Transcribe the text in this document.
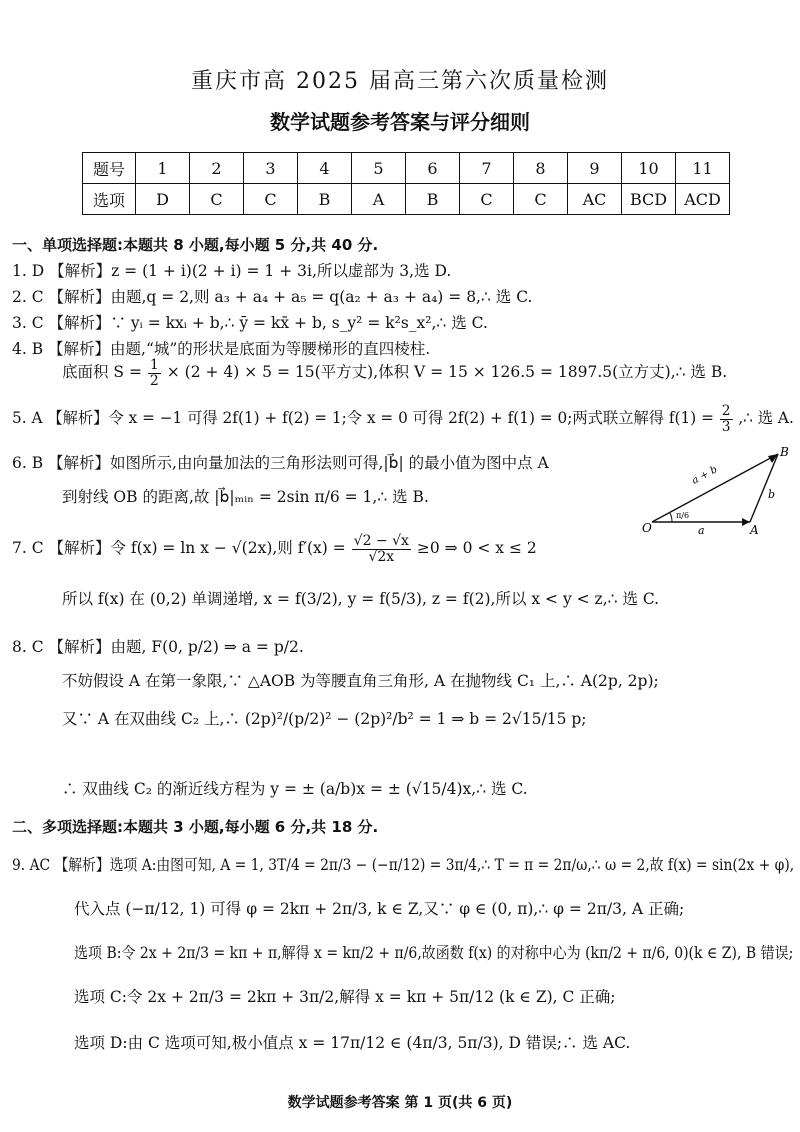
重庆市高 2025 届高三第六次质量检测
数学试题参考答案与评分细则
题号	1	2	3	4	5	6	7	8	9	10	11
选项	D	C	C	B	A	B	C	C	AC	BCD	ACD
一、单项选择题:本题共 8 小题,每小题 5 分,共 40 分.
1. D 【解析】z = (1 + i)(2 + i) = 1 + 3i,所以虚部为 3,选 D.
2. C 【解析】由题,q = 2,则 a₃ + a₄ + a₅ = q(a₂ + a₃ + a₄) = 8,∴ 选 C.
3. C 【解析】∵ yᵢ = kxᵢ + b,∴ ȳ = kx̄ + b, s_y² = k²s_x²,∴ 选 C.
4. B 【解析】由题,“城”的形状是底面为等腰梯形的直四棱柱.
底面积 $S = \frac{1}{2} \times (2 + 4) \times 5 = 15$(平方丈),体积 V = 15 × 126.5 = 1897.5(立方丈),∴ 选 B.
5. A 【解析】令 x = −1 可得 2f(1) + f(2) = 1;令 x = 0 可得 2f(2) + f(1) = 0;两式联立解得 $f(1) = \frac{2}{3}$ ,∴ 选 A.
6. B 【解析】如图所示,由向量加法的三角形法则可得,|b⃗| 的最小值为图中点 A
到射线 OB 的距离,故 |b⃗|ₘᵢₙ = 2sin π/6 = 1,∴ 选 B.
O	A
B
a
b
a + b
π/6
7. C 【解析】令 f(x) = ln x − √(2x),则 $f'(x) = \frac{√2 - √x}{√2x} \ge 0$ ⇒ 0 < x ≤ 2
所以 f(x) 在 (0,2) 单调递增, x = f(3/2), y = f(5/3), z = f(2),所以 x < y < z,∴ 选 C.
8. C 【解析】由题, F(0, p/2) ⇒ a = p/2.
不妨假设 A 在第一象限,∵ △AOB 为等腰直角三角形, A 在抛物线 C₁ 上,∴ A(2p, 2p);
又∵ A 在双曲线 C₂ 上,∴ (2p)²/(p/2)² − (2p)²/b² = 1 ⇒ b = 2√15/15 p;
∴ 双曲线 C₂ 的渐近线方程为 y = ± (a/b)x = ± (√15/4)x,∴ 选 C.
二、多项选择题:本题共 3 小题,每小题 6 分,共 18 分.
9. AC 【解析】选项 A:由图可知, A = 1, 3T/4 = 2π/3 − (−π/12) = 3π/4,∴ T = π = 2π/ω,∴ ω = 2,故 f(x) = sin(2x + φ),
代入点 (−π/12, 1) 可得 φ = 2kπ + 2π/3, k ∈ Z,又∵ φ ∈ (0, π),∴ φ = 2π/3, A 正确;
选项 B:令 2x + 2π/3 = kπ + π,解得 x = kπ/2 + π/6,故函数 f(x) 的对称中心为 (kπ/2 + π/6, 0)(k ∈ Z), B 错误;
选项 C:令 2x + 2π/3 = 2kπ + 3π/2,解得 x = kπ + 5π/12 (k ∈ Z), C 正确;
选项 D:由 C 选项可知,极小值点 x = 17π/12 ∈ (4π/3, 5π/3), D 错误;∴ 选 AC.
数学试题参考答案 第 1 页(共 6 页)
